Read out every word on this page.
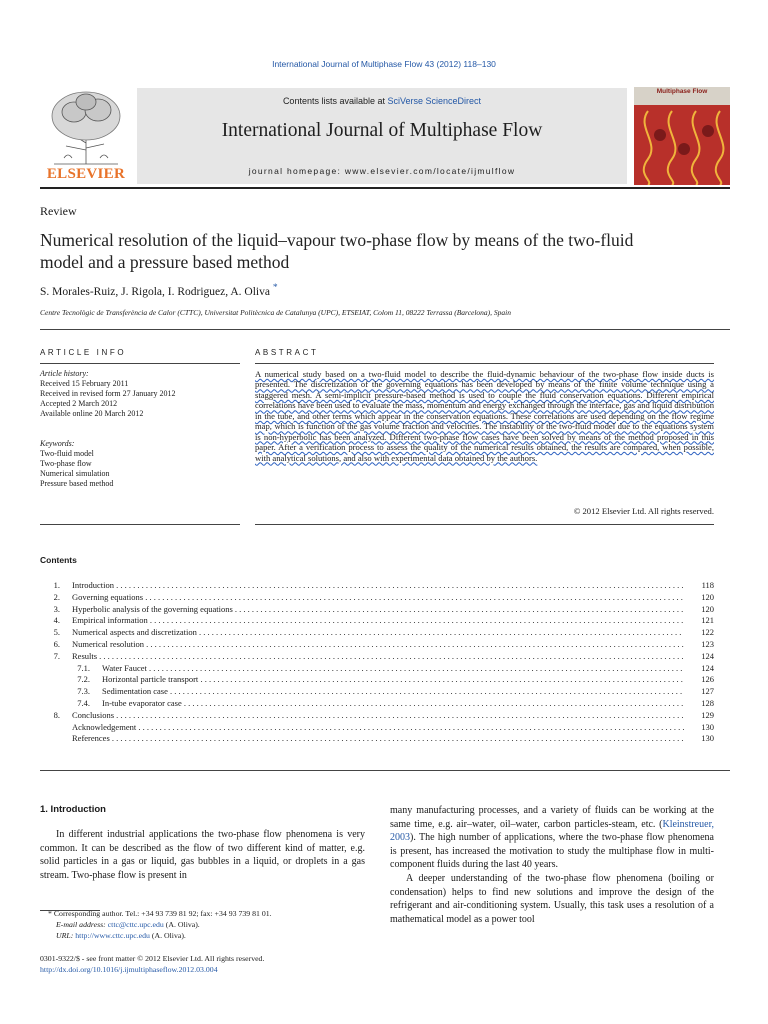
International Journal of Multiphase Flow 43 (2012) 118–130
ELSEVIER
Contents lists available at SciVerse ScienceDirect
International Journal of Multiphase Flow
journal homepage: www.elsevier.com/locate/ijmulflow
Multiphase Flow
Review
Numerical resolution of the liquid–vapour two-phase flow by means of the two-fluid model and a pressure based method
S. Morales-Ruiz, J. Rigola, I. Rodriguez, A. Oliva *
Centre Tecnològic de Transferència de Calor (CTTC), Universitat Politècnica de Catalunya (UPC), ETSEIAT, Colom 11, 08222 Terrassa (Barcelona), Spain
ARTICLE INFO	ABSTRACT
Article history:
Received 15 February 2011
Received in revised form 27 January 2012
Accepted 2 March 2012
Available online 20 March 2012
Keywords:
Two-fluid model
Two-phase flow
Numerical simulation
Pressure based method
A numerical study based on a two-fluid model to describe the fluid-dynamic behaviour of the two-phase flow inside ducts is presented. The discretization of the governing equations has been developed by means of the finite volume technique using a staggered mesh. A semi-implicit pressure-based method is used to couple the fluid conservation equations. Different empirical correlations have been used to evaluate the mass, momentum and energy exchanged through the interface, gas and liquid distribution in the tube, and other terms which appear in the conservation equations. These correlations are used depending on the flow regime map, which is function of the gas volume fraction and velocities. The instability of the two-fluid model due to the equations system is non-hyperbolic has been analyzed. Different two-phase flow cases have been solved by means of the method proposed in this paper. After a verification process to assess the quality of the numerical results obtained, the results are compared, when possible, with analytical solutions, and also with experimental data obtained by the authors.
© 2012 Elsevier Ltd. All rights reserved.
Contents
1. Introduction . . .	118
2. Governing equations . . .	120
3. Hyperbolic analysis of the governing equations . . .	120
4. Empirical information . . .	121
5. Numerical aspects and discretization . . .	122
6. Numerical resolution . . .	123
7. Results . . .	124
7.1. Water Faucet . . .	124
7.2. Horizontal particle transport . . .	126
7.3. Sedimentation case . . .	127
7.4. In-tube evaporator case . . .	128
8. Conclusions . . .	129
Acknowledgement . . .	130
References . . .	130
1. Introduction
In different industrial applications the two-phase flow phenomena is very common. It can be described as the flow of two different kind of matter, e.g. solid particles in a gas or liquid, gas bubbles in a liquid, or droplets in a gas stream. Two-phase flow is present in
many manufacturing processes, and a variety of fluids can be working at the same time, e.g. air–water, oil–water, carbon particles-steam, etc. (Kleinstreuer, 2003). The high number of applications, where the two-phase flow phenomena is present, has increased the motivation to study the multiphase flow in multi-component fluids during the last 40 years.
A deeper understanding of the two-phase flow phenomena (boiling or condensation) helps to find new solutions and improve the design of the refrigerant and air-conditioning system. Usually, this task uses a resolution of a mathematical model as a power tool
* Corresponding author. Tel.: +34 93 739 81 92; fax: +34 93 739 81 01.
E-mail address: cttc@cttc.upc.edu (A. Oliva).
URL: http://www.cttc.upc.edu (A. Oliva).
0301-9322/$ - see front matter © 2012 Elsevier Ltd. All rights reserved.
http://dx.doi.org/10.1016/j.ijmultiphaseflow.2012.03.004
